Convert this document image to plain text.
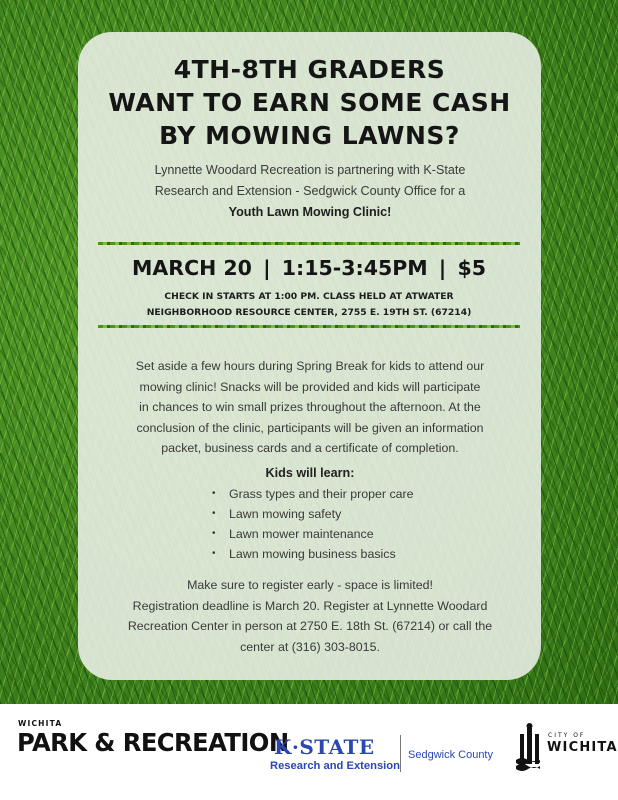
4TH-8TH GRADERS
WANT TO EARN SOME CASH
BY MOWING LAWNS?
Lynnette Woodard Recreation is partnering with K-State
Research and Extension - Sedgwick County Office for a
Youth Lawn Mowing Clinic!
MARCH 20 | 1:15-3:45PM | $5
CHECK IN STARTS AT 1:00 PM. CLASS HELD AT ATWATER
NEIGHBORHOOD RESOURCE CENTER, 2755 E. 19TH ST. (67214)
Set aside a few hours during Spring Break for kids to attend our
mowing clinic! Snacks will be provided and kids will participate
in chances to win small prizes throughout the afternoon. At the
conclusion of the clinic, participants will be given an information
packet, business cards and a certificate of completion.
Kids will learn:
• Grass types and their proper care
• Lawn mowing safety
• Lawn mower maintenance
• Lawn mowing business basics
Make sure to register early - space is limited!
Registration deadline is March 20. Register at Lynnette Woodard
Recreation Center in person at 2750 E. 18th St. (67214) or call the
center at (316) 303-8015.
WICHITA
PARK & RECREATION
K·STATE
Research and Extension
Sedgwick County
CITY OF
WICHITA
